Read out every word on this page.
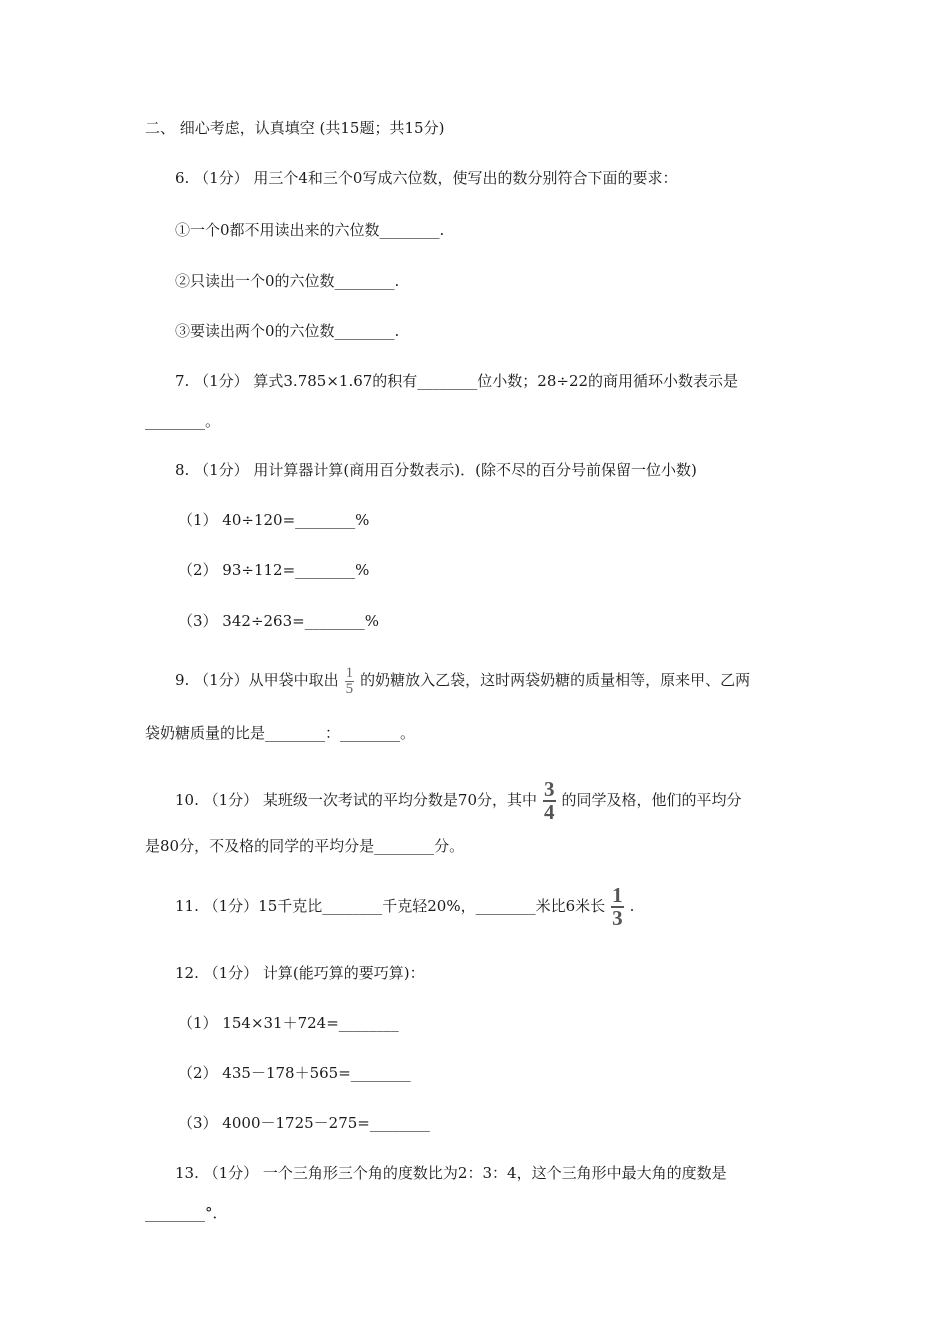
二、 细心考虑，认真填空 (共15题；共15分)
6. （1分） 用三个4和三个0写成六位数，使写出的数分别符合下面的要求：
①一个0都不用读出来的六位数________.
②只读出一个0的六位数________.
③要读出两个0的六位数________.
7. （1分） 算式3.785×1.67的积有________位小数；28÷22的商用循环小数表示是
________。
8. （1分） 用计算器计算(商用百分数表示)．(除不尽的百分号前保留一位小数)
（1） 40÷120=________%
（2） 93÷112=________%
（3） 342÷263=________%
9. （1分）从甲袋中取出 $\frac{1}{5}$ 的奶糖放入乙袋，这时两袋奶糖的质量相等，原来甲、乙两
袋奶糖质量的比是________：________。
10. （1分） 某班级一次考试的平均分数是70分，其中 $\frac{3}{4}$ 的同学及格，他们的平均分
是80分，不及格的同学的平均分是________分。
11. （1分）15千克比________千克轻20%，________米比6米长 $\frac{1}{3}$ .
12. （1分） 计算(能巧算的要巧算)：
（1） 154×31＋724=________
（2） 435－178＋565=________
（3） 4000－1725－275=________
13. （1分） 一个三角形三个角的度数比为2：3：4，这个三角形中最大角的度数是
________°．
